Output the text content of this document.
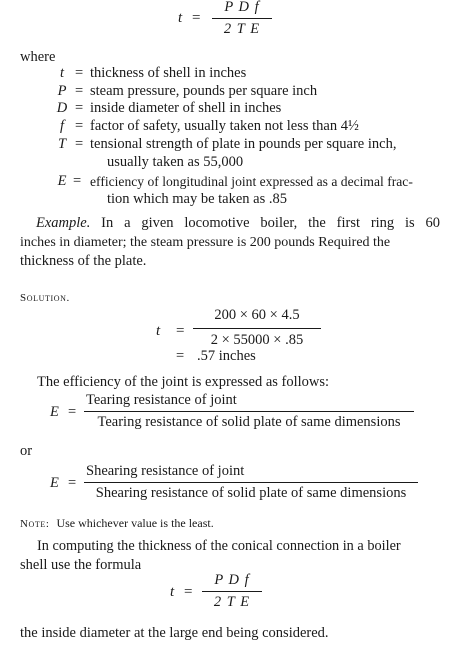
t =
P D f
2 T E
where
t = thickness of shell in inches
P = steam pressure, pounds per square inch
D = inside diameter of shell in inches
f = factor of safety, usually taken not less than 4½
T = tensional strength of plate in pounds per square inch,
usually taken as 55,000
E = efficiency of longitudinal joint expressed as a decimal frac-
tion which may be taken as .85
Example. In a given locomotive boiler, the first ring is 60
inches in diameter; the steam pressure is 200 pounds Required the
thickness of the plate.
Solution.
t =
200 × 60 × 4.5
2 × 55000 × .85
= .57 inches
The efficiency of the joint is expressed as follows:
E =
Tearing resistance of joint
Tearing resistance of solid plate of same dimensions
or
E =
Shearing resistance of joint
Shearing resistance of solid plate of same dimensions
Note: Use whichever value is the least.
In computing the thickness of the conical connection in a boiler
shell use the formula
t =
P D f
2 T E
the inside diameter at the large end being considered.
